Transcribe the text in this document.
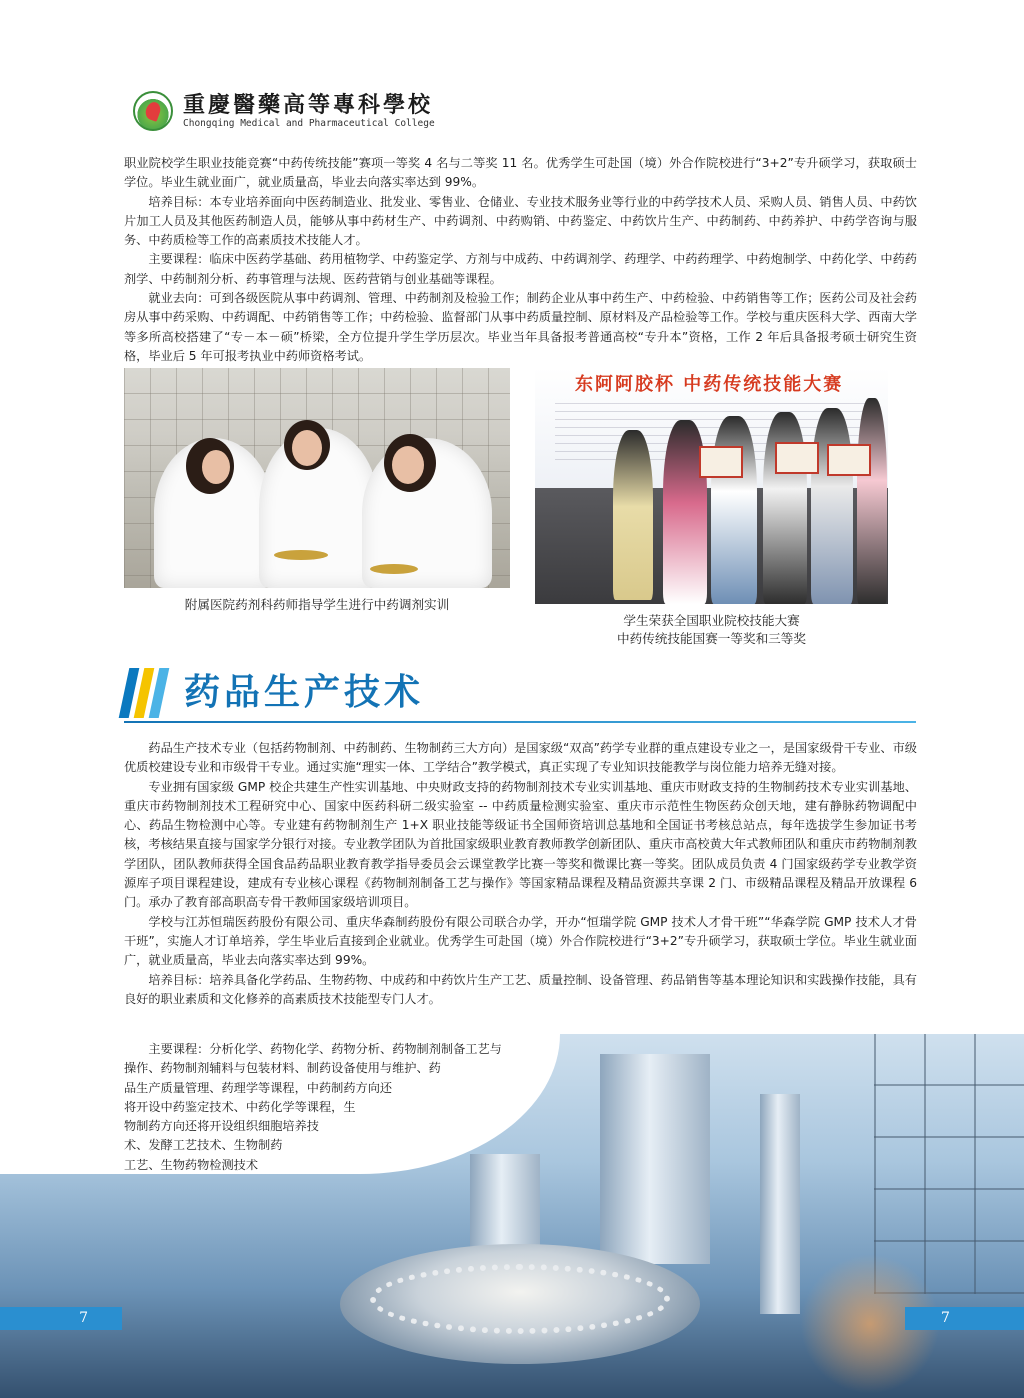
重慶醫藥高等專科學校
Chongqing Medical and Pharmaceutical College

职业院校学生职业技能竞赛“中药传统技能”赛项一等奖 4 名与二等奖 11 名。优秀学生可赴国（境）外合作院校进行“3+2”专升硕学习，获取硕士学位。毕业生就业面广，就业质量高，毕业去向落实率达到 99%。

培养目标：本专业培养面向中医药制造业、批发业、零售业、仓储业、专业技术服务业等行业的中药学技术人员、采购人员、销售人员、中药饮片加工人员及其他医药制造人员，能够从事中药材生产、中药调剂、中药购销、中药鉴定、中药饮片生产、中药制药、中药养护、中药学咨询与服务、中药质检等工作的高素质技术技能人才。

主要课程：临床中医药学基础、药用植物学、中药鉴定学、方剂与中成药、中药调剂学、药理学、中药药理学、中药炮制学、中药化学、中药药剂学、中药制剂分析、药事管理与法规、医药营销与创业基础等课程。

就业去向：可到各级医院从事中药调剂、管理、中药制剂及检验工作；制药企业从事中药生产、中药检验、中药销售等工作；医药公司及社会药房从事中药采购、中药调配、中药销售等工作；中药检验、监督部门从事中药质量控制、原材料及产品检验等工作。学校与重庆医科大学、西南大学等多所高校搭建了“专－本－硕”桥梁，全方位提升学生学历层次。毕业当年具备报考普通高校“专升本”资格，工作 2 年后具备报考硕士研究生资格，毕业后 5 年可报考执业中药师资格考试。

附属医院药剂科药师指导学生进行中药调剂实训
东阿阿胶杯 中药传统技能大赛
学生荣获全国职业院校技能大赛
中药传统技能国赛一等奖和三等奖
药品生产技术

药品生产技术专业（包括药物制剂、中药制药、生物制药三大方向）是国家级“双高”药学专业群的重点建设专业之一，是国家级骨干专业、市级优质校建设专业和市级骨干专业。通过实施“理实一体、工学结合”教学模式，真正实现了专业知识技能教学与岗位能力培养无缝对接。

专业拥有国家级 GMP 校企共建生产性实训基地、中央财政支持的药物制剂技术专业实训基地、重庆市财政支持的生物制药技术专业实训基地、重庆市药物制剂技术工程研究中心、国家中医药科研二级实验室 -- 中药质量检测实验室、重庆市示范性生物医药众创天地，建有静脉药物调配中心、药品生物检测中心等。专业建有药物制剂生产 1+X 职业技能等级证书全国师资培训总基地和全国证书考核总站点，每年选拔学生参加证书考核，考核结果直接与国家学分银行对接。专业教学团队为首批国家级职业教育教师教学创新团队、重庆市高校黄大年式教师团队和重庆市药物制剂教学团队，团队教师获得全国食品药品职业教育教学指导委员会云课堂教学比赛一等奖和微课比赛一等奖。团队成员负责 4 门国家级药学专业教学资源库子项目课程建设，建成有专业核心课程《药物制剂制备工艺与操作》等国家精品课程及精品资源共享课 2 门、市级精品课程及精品开放课程 6 门。承办了教育部高职高专骨干教师国家级培训项目。

学校与江苏恒瑞医药股份有限公司、重庆华森制药股份有限公司联合办学，开办“恒瑞学院 GMP 技术人才骨干班”“华森学院 GMP 技术人才骨干班”，实施人才订单培养，学生毕业后直接到企业就业。优秀学生可赴国（境）外合作院校进行“3+2”专升硕学习，获取硕士学位。毕业生就业面广，就业质量高，毕业去向落实率达到 99%。

培养目标：培养具备化学药品、生物药物、中成药和中药饮片生产工艺、质量控制、设备管理、药品销售等基本理论知识和实践操作技能，具有良好的职业素质和文化修养的高素质技术技能型专门人才。

主要课程：分析化学、药物化学、药物分析、药物制剂制备工艺与

操作、药物制剂辅料与包装材料、制药设备使用与维护、药

品生产质量管理、药理学等课程，中药制药方向还

将开设中药鉴定技术、中药化学等课程，生

物制药方向还将开设组织细胞培养技

术、发酵工艺技术、生物制药

工艺、生物药物检测技术

7	7
